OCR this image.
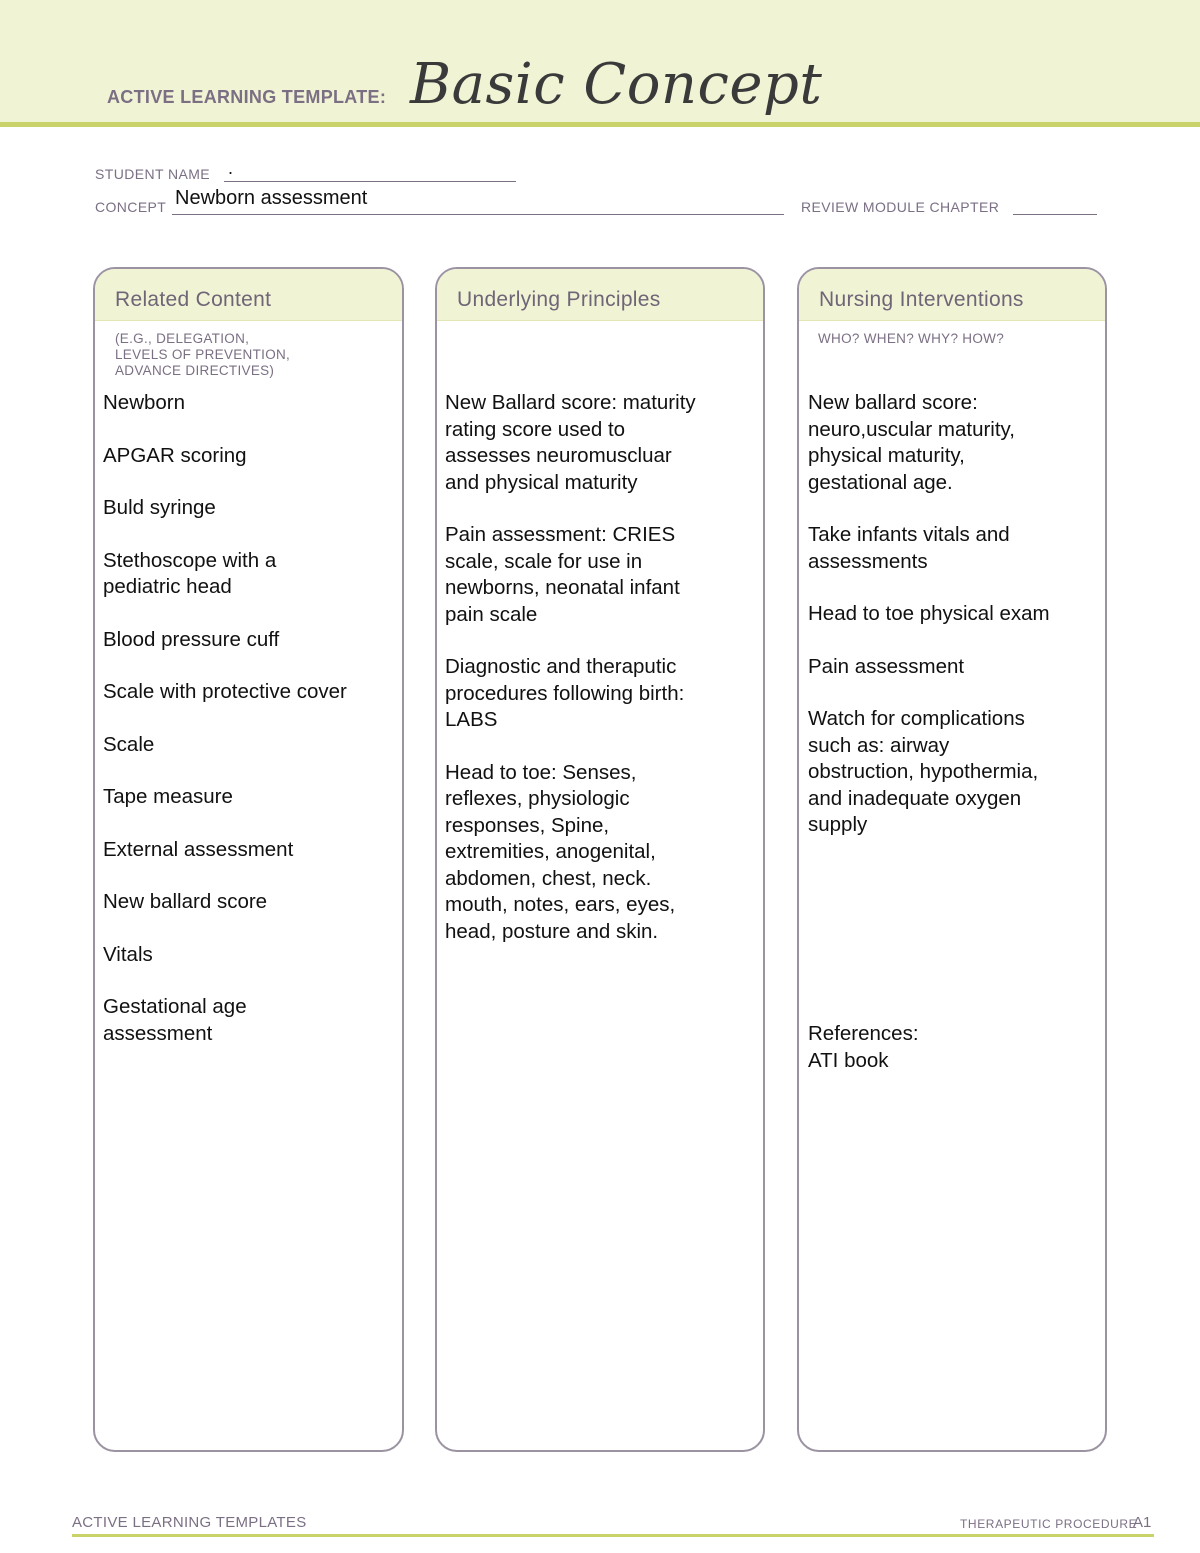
ACTIVE LEARNING TEMPLATE: Basic Concept
STUDENT NAME .
CONCEPT Newborn assessment	REVIEW MODULE CHAPTER
Related Content
(E.G., DELEGATION,
LEVELS OF PREVENTION,
ADVANCE DIRECTIVES)

Newborn

APGAR scoring

Buld syringe

Stethoscope with a
pediatric head

Blood pressure cuff

Scale with protective cover

Scale

Tape measure

External assessment

New ballard score

Vitals

Gestational age
assessment

Underlying Principles

New Ballard score: maturity
rating score used to
assesses neuromuscluar
and physical maturity

Pain assessment: CRIES
scale, scale for use in
newborns, neonatal infant
pain scale

Diagnostic and theraputic
procedures following birth:
LABS

Head to toe: Senses,
reflexes, physiologic
responses, Spine,
extremities, anogenital,
abdomen, chest, neck.
mouth, notes, ears, eyes,
head, posture and skin.

Nursing Interventions
WHO? WHEN? WHY? HOW?

New ballard score:
neuro,uscular maturity,
physical maturity,
gestational age.

Take infants vitals and
assessments

Head to toe physical exam

Pain assessment

Watch for complications
such as: airway
obstruction, hypothermia,
and inadequate oxygen
supply

References:
ATI book

ACTIVE LEARNING TEMPLATES	THERAPEUTIC PROCEDURE
A1
